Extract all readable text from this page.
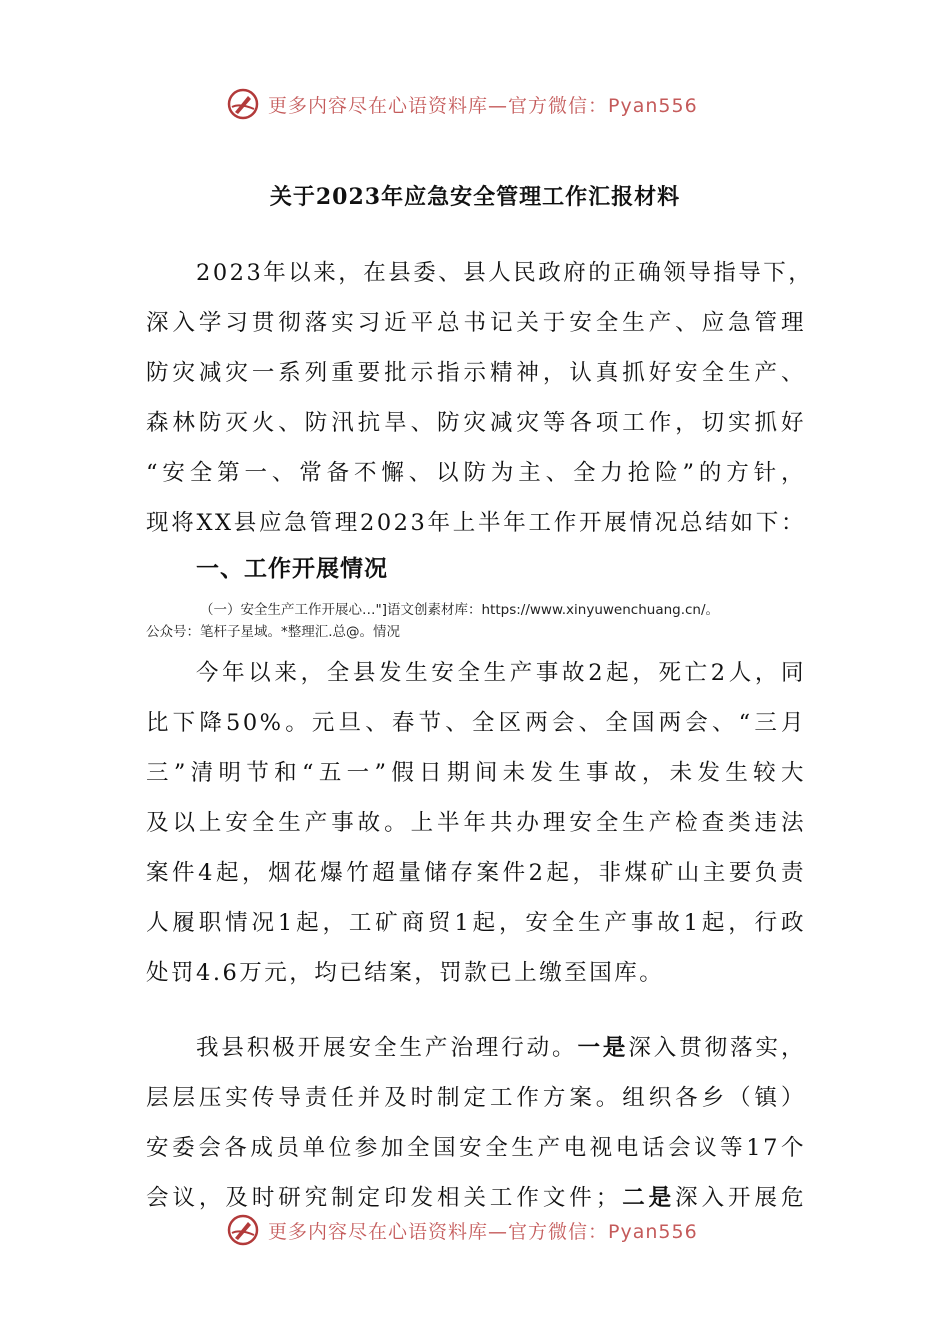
更多内容尽在心语资料库—官方微信：Pyan556
关于2023年应急安全管理工作汇报材料
2023年以来，在县委、县人民政府的正确领导指导下，
深入学习贯彻落实习近平总书记关于安全生产、应急管理
防灾减灾一系列重要批示指示精神，认真抓好安全生产、
森林防灭火、防汛抗旱、防灾减灾等各项工作，切实抓好
“安全第一、常备不懈、以防为主、全力抢险”的方针，
现将XX县应急管理2023年上半年工作开展情况总结如下：
一、工作开展情况
（一）安全生产工作开展心…"]语文创素材库：https://www.xinyuwenchuang.cn/。
公众号：笔杆子星域。*整理汇.总@。情况
今年以来，全县发生安全生产事故2起，死亡2人，同
比下降50%。元旦、春节、全区两会、全国两会、“三月
三”清明节和“五一”假日期间未发生事故，未发生较大
及以上安全生产事故。上半年共办理安全生产检查类违法
案件4起，烟花爆竹超量储存案件2起，非煤矿山主要负责
人履职情况1起，工矿商贸1起，安全生产事故1起，行政
处罚4.6万元，均已结案，罚款已上缴至国库。
我县积极开展安全生产治理行动。一是深入贯彻落实，
层层压实传导责任并及时制定工作方案。组织各乡（镇）
安委会各成员单位参加全国安全生产电视电话会议等17个
会议，及时研究制定印发相关工作文件；二是深入开展危
更多内容尽在心语资料库—官方微信：Pyan556
